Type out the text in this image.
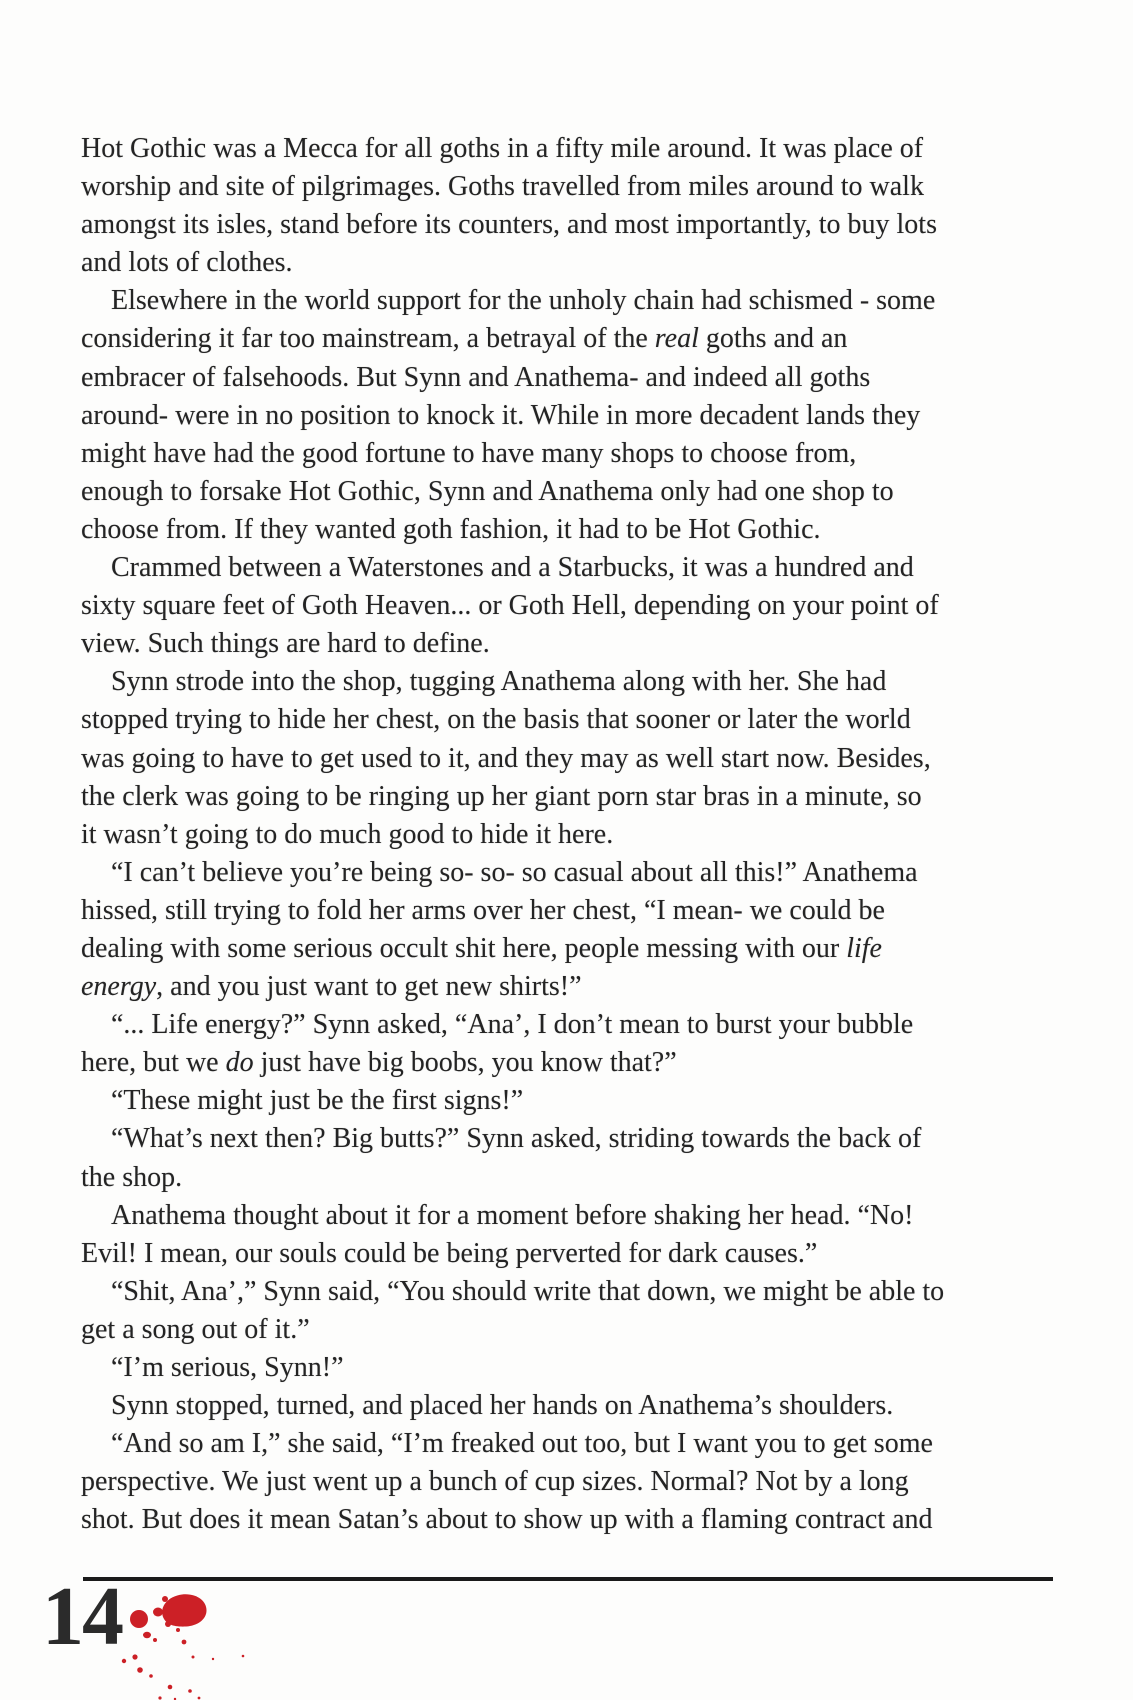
Hot Gothic was a Mecca for all goths in a fifty mile around. It was place of
worship and site of pilgrimages. Goths travelled from miles around to walk
amongst its isles, stand before its counters, and most importantly, to buy lots
and lots of clothes.
Elsewhere in the world support for the unholy chain had schismed - some
considering it far too mainstream, a betrayal of the real goths and an
embracer of falsehoods. But Synn and Anathema- and indeed all goths
around- were in no position to knock it. While in more decadent lands they
might have had the good fortune to have many shops to choose from,
enough to forsake Hot Gothic, Synn and Anathema only had one shop to
choose from. If they wanted goth fashion, it had to be Hot Gothic.
Crammed between a Waterstones and a Starbucks, it was a hundred and
sixty square feet of Goth Heaven... or Goth Hell, depending on your point of
view. Such things are hard to define.
Synn strode into the shop, tugging Anathema along with her. She had
stopped trying to hide her chest, on the basis that sooner or later the world
was going to have to get used to it, and they may as well start now. Besides,
the clerk was going to be ringing up her giant porn star bras in a minute, so
it wasn’t going to do much good to hide it here.
“I can’t believe you’re being so- so- so casual about all this!” Anathema
hissed, still trying to fold her arms over her chest, “I mean- we could be
dealing with some serious occult shit here, people messing with our life
energy, and you just want to get new shirts!”
“... Life energy?” Synn asked, “Ana’, I don’t mean to burst your bubble
here, but we do just have big boobs, you know that?”
“These might just be the first signs!”
“What’s next then? Big butts?” Synn asked, striding towards the back of
the shop.
Anathema thought about it for a moment before shaking her head. “No!
Evil! I mean, our souls could be being perverted for dark causes.”
“Shit, Ana’,” Synn said, “You should write that down, we might be able to
get a song out of it.”
“I’m serious, Synn!”
Synn stopped, turned, and placed her hands on Anathema’s shoulders.
“And so am I,” she said, “I’m freaked out too, but I want you to get some
perspective. We just went up a bunch of cup sizes. Normal? Not by a long
shot. But does it mean Satan’s about to show up with a flaming contract and
14
